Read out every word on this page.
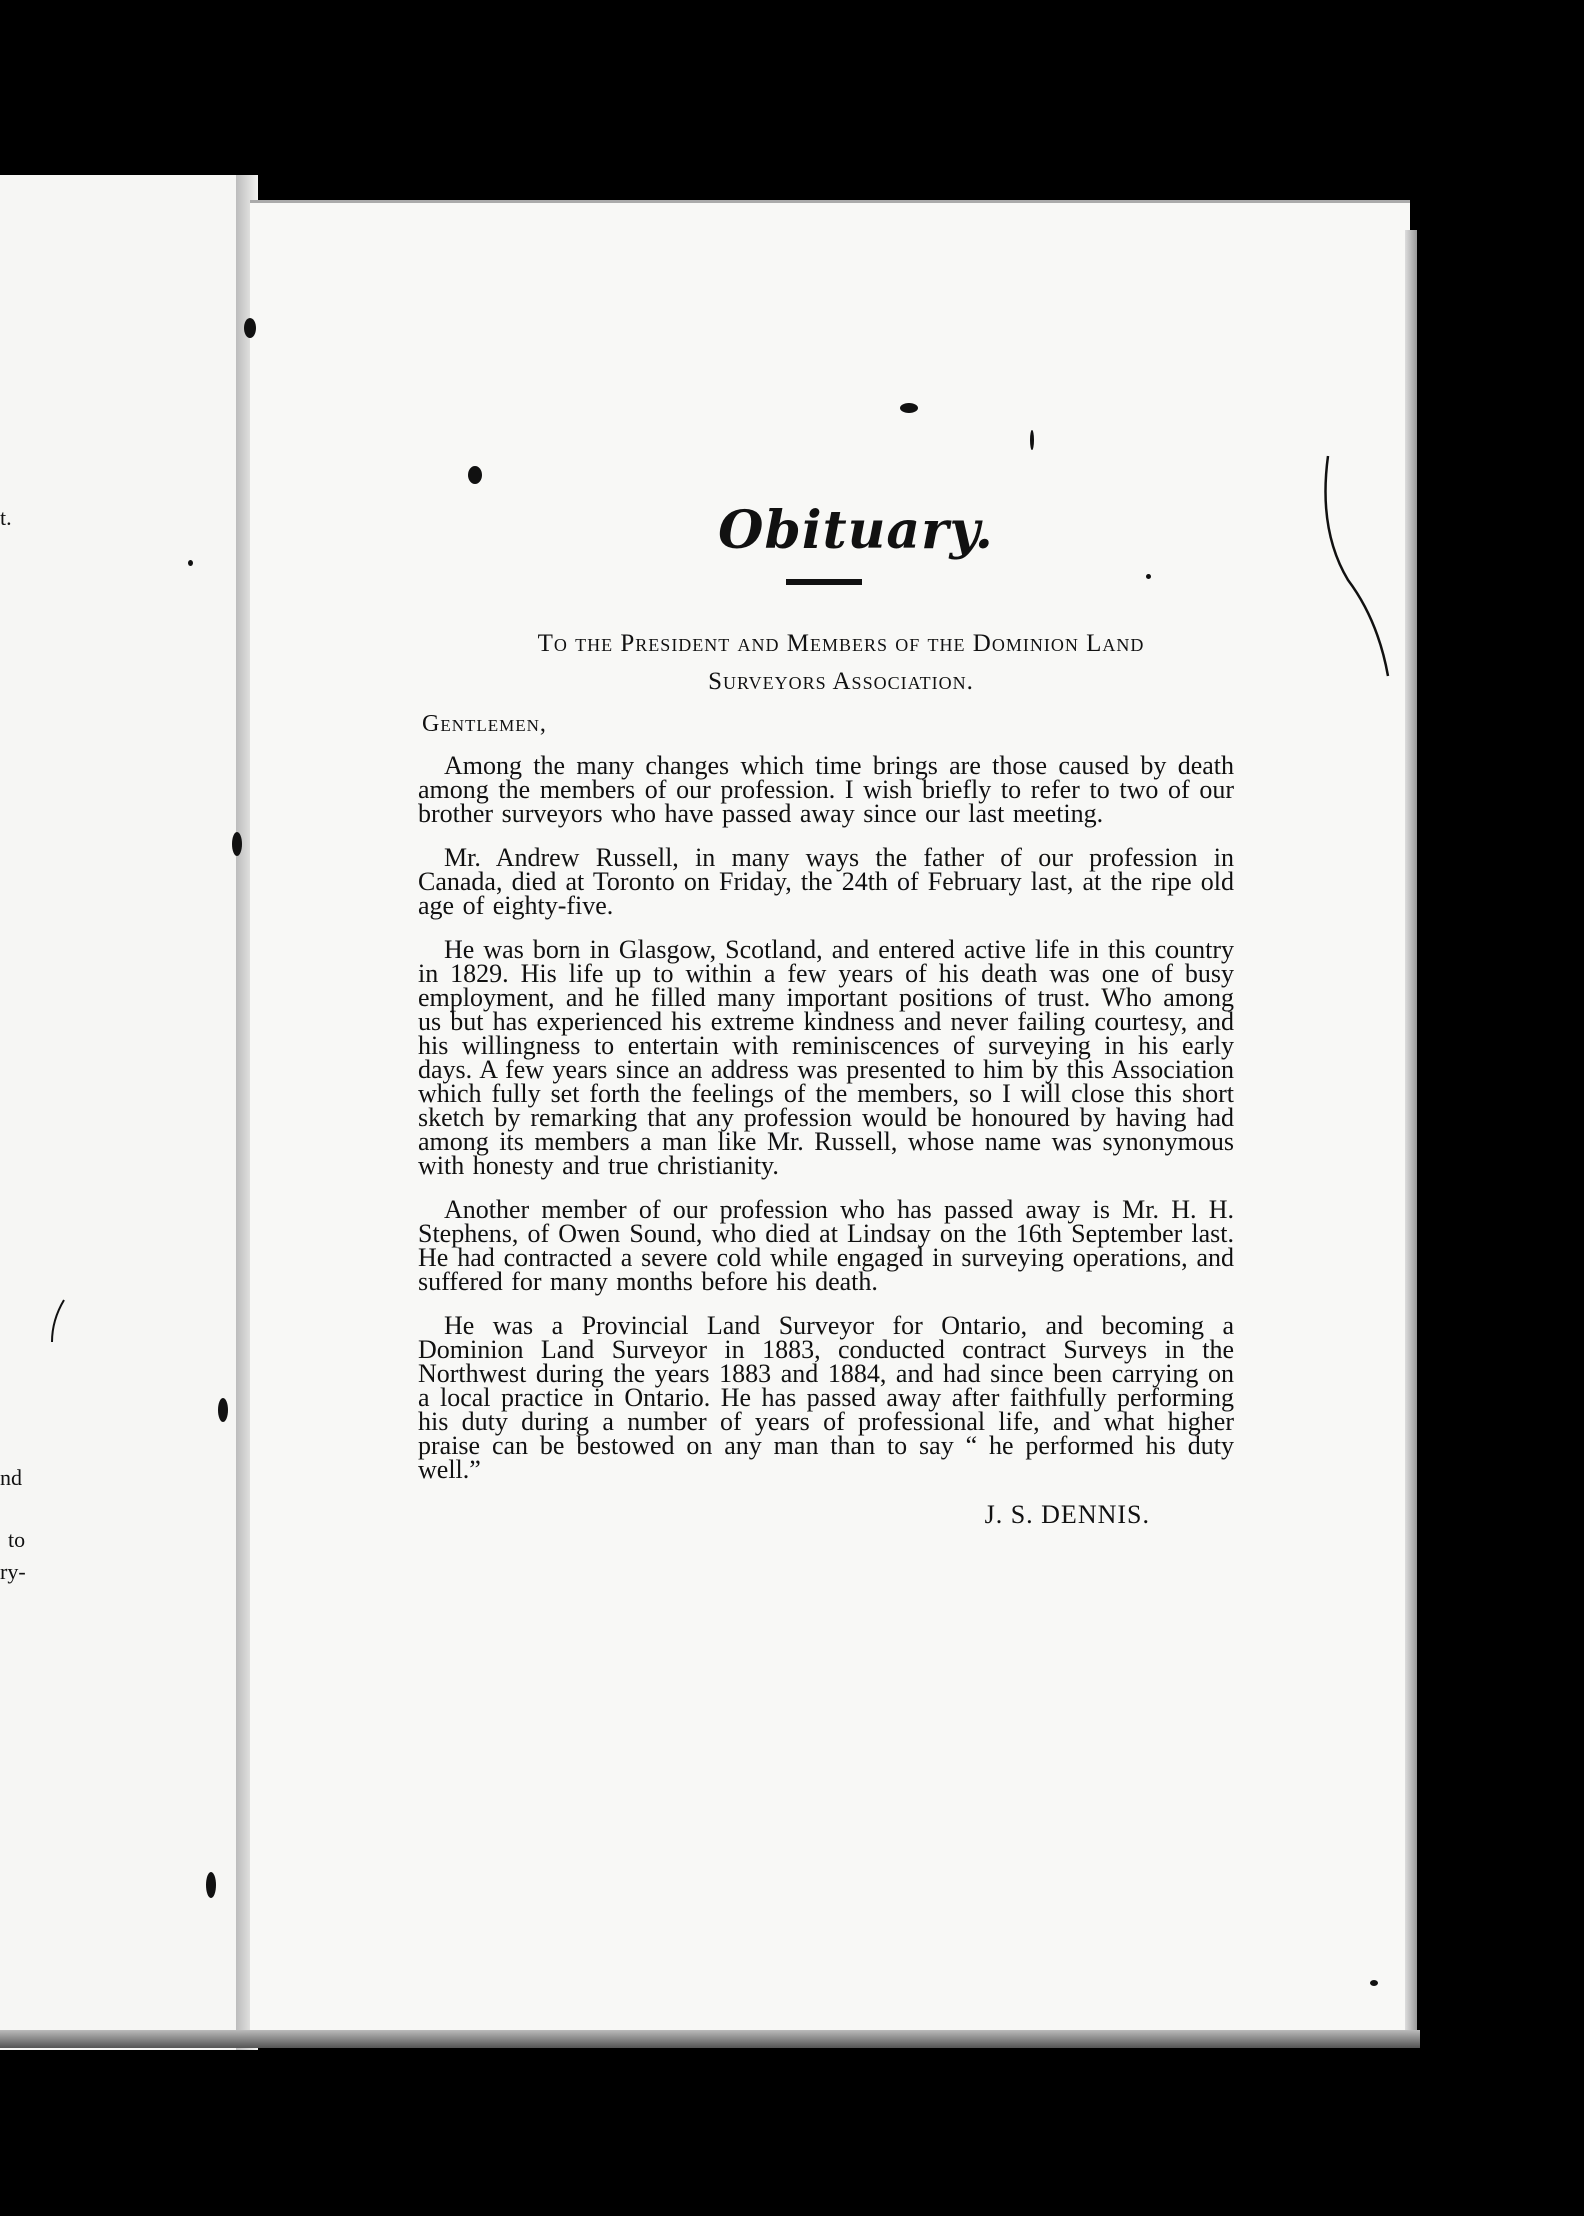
t.
nd
to
ry-
Obituary.
To the President and Members of the Dominion Land
Surveyors Association.
Gentlemen,

Among the many changes which time brings are those caused by death among the members of our profession. I wish briefly to refer to two of our brother surveyors who have passed away since our last meeting.

Mr. Andrew Russell, in many ways the father of our profession in Canada, died at Toronto on Friday, the 24th of February last, at the ripe old age of eighty-five.

He was born in Glasgow, Scotland, and entered active life in this country in 1829. His life up to within a few years of his death was one of busy employment, and he filled many important positions of trust. Who among us but has experienced his extreme kindness and never failing courtesy, and his willingness to entertain with reminiscences of surveying in his early days. A few years since an address was presented to him by this Association which fully set forth the feelings of the members, so I will close this short sketch by remarking that any profession would be honoured by having had among its members a man like Mr. Russell, whose name was synonymous with honesty and true christianity.

Another member of our profession who has passed away is Mr. H. H. Stephens, of Owen Sound, who died at Lindsay on the 16th September last. He had contracted a severe cold while engaged in surveying operations, and suffered for many months before his death.

He was a Provincial Land Surveyor for Ontario, and becoming a Dominion Land Surveyor in 1883, conducted contract Surveys in the Northwest during the years 1883 and 1884, and had since been carrying on a local practice in Ontario. He has passed away after faithfully performing his duty during a number of years of professional life, and what higher praise can be bestowed on any man than to say “ he performed his duty well.”

J. S. DENNIS.
